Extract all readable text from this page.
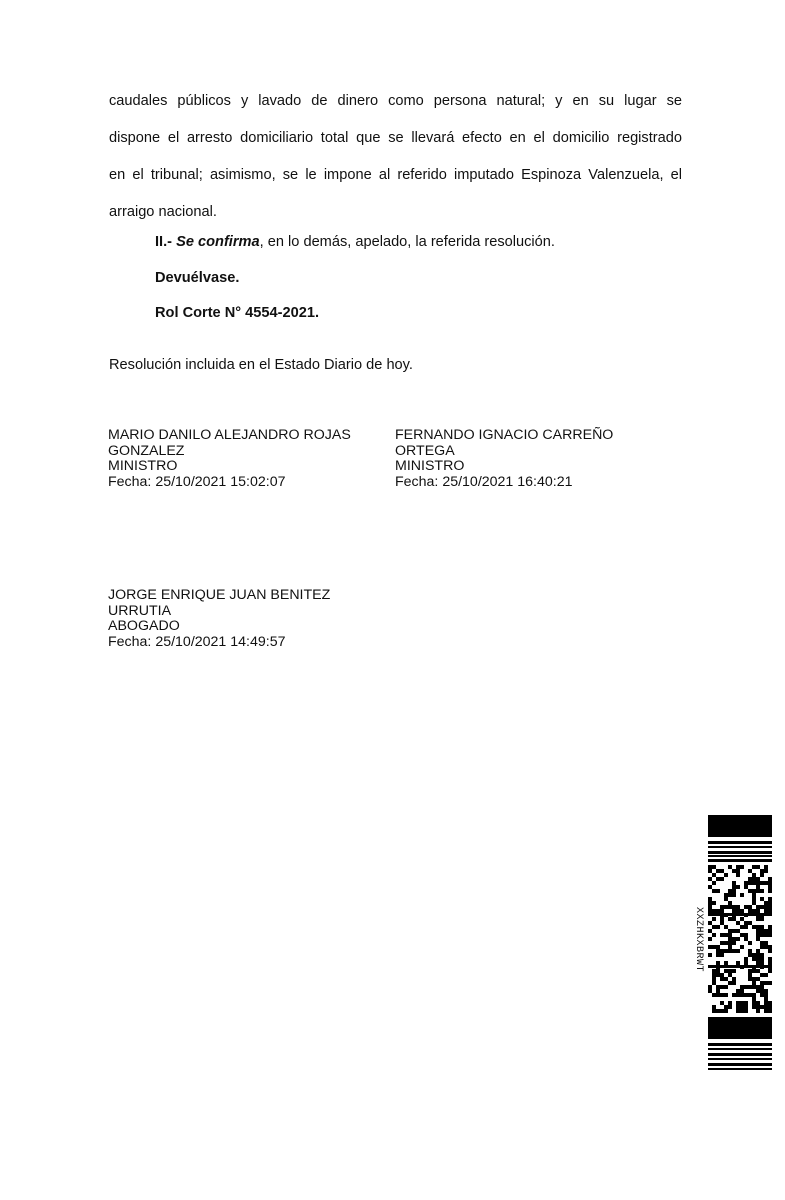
caudales públicos y lavado de dinero como persona natural; y en su lugar se
dispone el arresto domiciliario total que se llevará efecto en el domicilio registrado
en el tribunal; asimismo, se le impone al referido imputado Espinoza Valenzuela, el
arraigo nacional.

II.- Se confirma, en lo demás, apelado, la referida resolución.

Devuélvase.

Rol Corte N° 4554-2021.

Resolución incluida en el Estado Diario de hoy.

MARIO DANILO ALEJANDRO ROJAS
GONZALEZ
MINISTRO
Fecha: 25/10/2021 15:02:07
FERNANDO IGNACIO CARREÑO
ORTEGA
MINISTRO
Fecha: 25/10/2021 16:40:21
JORGE ENRIQUE JUAN BENITEZ
URRUTIA
ABOGADO
Fecha: 25/10/2021 14:49:57
XXZHKXBRWT
